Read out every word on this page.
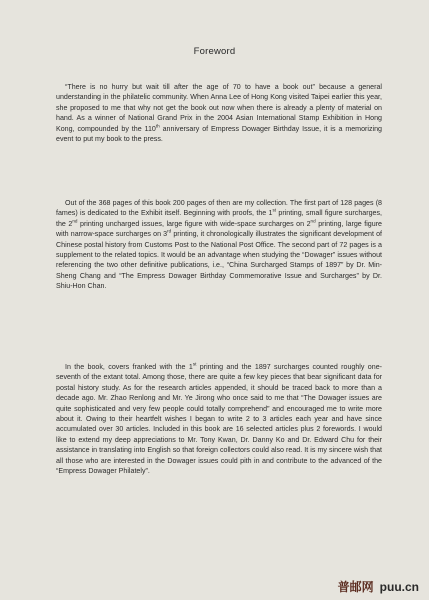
Foreword

“There is no hurry but wait till after the age of 70 to have a book out” because a general understanding in the philatelic community. When Anna Lee of Hong Kong visited Taipei earlier this year, she proposed to me that why not get the book out now when there is already a plenty of material on hand. As a winner of National Grand Prix in the 2004 Asian International Stamp Exhibition in Hong Kong, compounded by the 110th anniversary of Empress Dowager Birthday Issue, it is a memorizing event to put my book to the press.

Out of the 368 pages of this book 200 pages of then are my collection. The first part of 128 pages (8 fames) is dedicated to the Exhibit itself. Beginning with proofs, the 1st printing, small figure surcharges, the 2nd printing uncharged issues, large figure with wide-space surcharges on 2nd printing, large figure with narrow-space surcharges on 3rd printing, it chronologically illustrates the significant development of Chinese postal history from Customs Post to the National Post Office. The second part of 72 pages is a supplement to the related topics. It would be an advantage when studying the “Dowager” issues without referencing the two other definitive publications, i.e., “China Surcharged Stamps of 1897” by Dr. Min-Sheng Chang and “The Empress Dowager Birthday Commemorative Issue and Surcharges” by Dr. Shiu-Hon Chan.

In the book, covers franked with the 1st printing and the 1897 surcharges counted roughly one-seventh of the extant total. Among those, there are quite a few key pieces that bear significant data for postal history study. As for the research articles appended, it should be traced back to more than a decade ago. Mr. Zhao Renlong and Mr. Ye Jirong who once said to me that “The Dowager issues are quite sophisticated and very few people could totally comprehend” and encouraged me to write more about it. Owing to their heartfelt wishes I began to write 2 to 3 articles each year and have since accumulated over 30 articles. Included in this book are 16 selected articles plus 2 forewords. I would like to extend my deep appreciations to Mr. Tony Kwan, Dr. Danny Ko and Dr. Edward Chu for their assistance in translating into English so that foreign collectors could also read. It is my sincere wish that all those who are interested in the Dowager issues could pith in and contribute to the advanced of the “Empress Dowager Philately”.

普邮网 puu.cn
